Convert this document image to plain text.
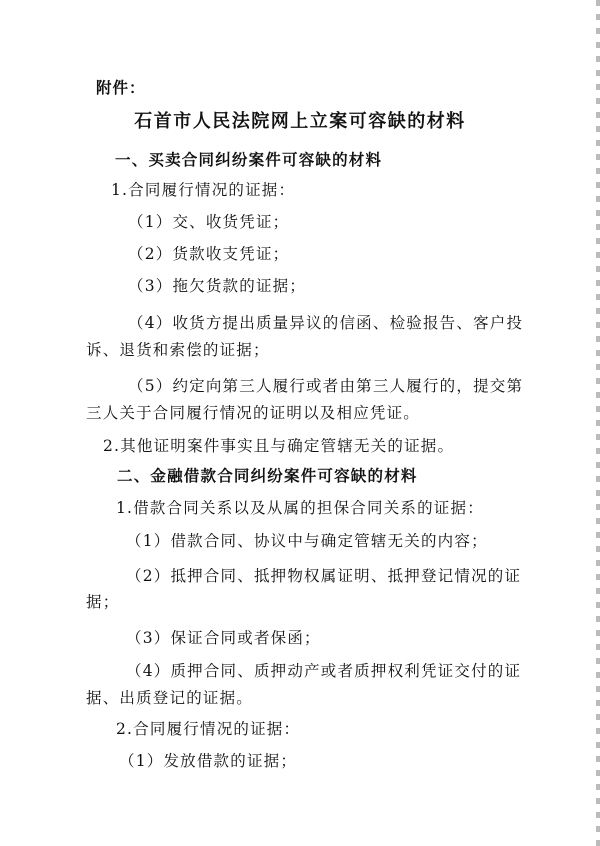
附件：
石首市人民法院网上立案可容缺的材料
一、买卖合同纠纷案件可容缺的材料
1.合同履行情况的证据：
（1）交、收货凭证；
（2）货款收支凭证；
（3）拖欠货款的证据；
（4）收货方提出质量异议的信函、检验报告、客户投
诉、退货和索偿的证据；
（5）约定向第三人履行或者由第三人履行的，提交第
三人关于合同履行情况的证明以及相应凭证。
2.其他证明案件事实且与确定管辖无关的证据。
二、金融借款合同纠纷案件可容缺的材料
1.借款合同关系以及从属的担保合同关系的证据：
（1）借款合同、协议中与确定管辖无关的内容；
（2）抵押合同、抵押物权属证明、抵押登记情况的证
据；
（3）保证合同或者保函；
（4）质押合同、质押动产或者质押权利凭证交付的证
据、出质登记的证据。
2.合同履行情况的证据：
（1）发放借款的证据；
